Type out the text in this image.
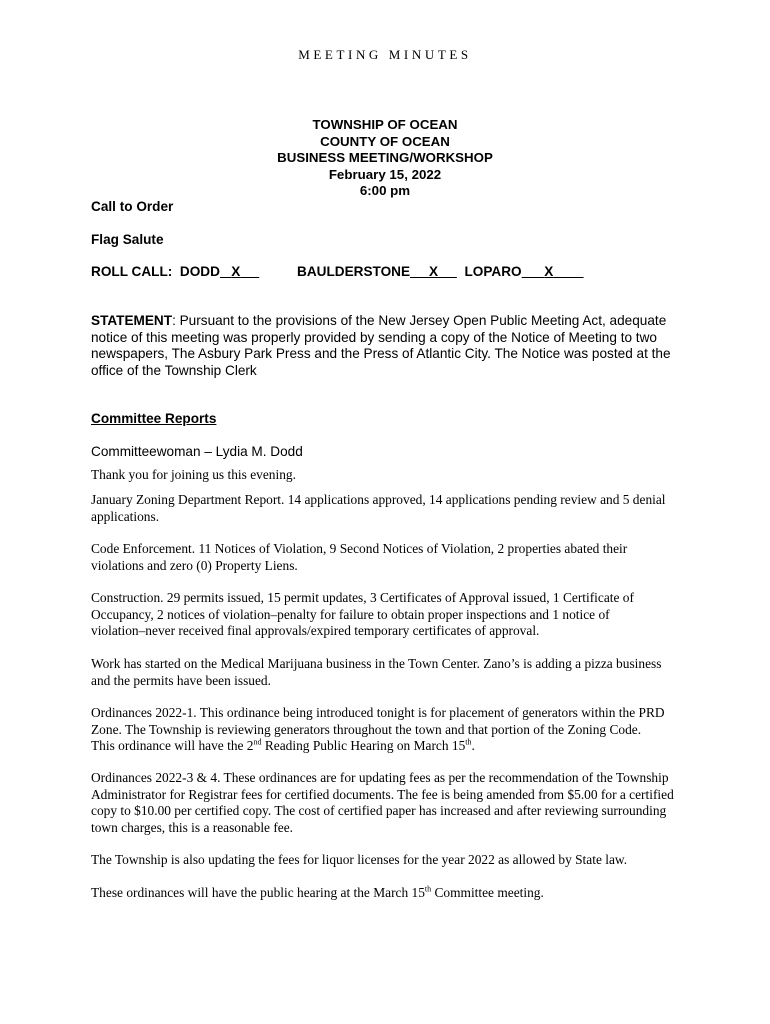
MEETING MINUTES
TOWNSHIP OF OCEAN
COUNTY OF OCEAN
BUSINESS MEETING/WORKSHOP
February 15, 2022
6:00 pm
Call to Order
Flag Salute
ROLL CALL: DODD X	BAULDERSTONE X LOPARO X
STATEMENT: Pursuant to the provisions of the New Jersey Open Public Meeting Act, adequate notice of this meeting was properly provided by sending a copy of the Notice of Meeting to two newspapers, The Asbury Park Press and the Press of Atlantic City. The Notice was posted at the office of the Township Clerk
Committee Reports
Committeewoman – Lydia M. Dodd
Thank you for joining us this evening.
January Zoning Department Report. 14 applications approved, 14 applications pending review and 5 denial applications.
Code Enforcement. 11 Notices of Violation, 9 Second Notices of Violation, 2 properties abated their violations and zero (0) Property Liens.
Construction. 29 permits issued, 15 permit updates, 3 Certificates of Approval issued, 1 Certificate of Occupancy, 2 notices of violation–penalty for failure to obtain proper inspections and 1 notice of violation–never received final approvals/expired temporary certificates of approval.
Work has started on the Medical Marijuana business in the Town Center. Zano’s is adding a pizza business and the permits have been issued.
Ordinances 2022-1. This ordinance being introduced tonight is for placement of generators within the PRD Zone. The Township is reviewing generators throughout the town and that portion of the Zoning Code. This ordinance will have the 2nd Reading Public Hearing on March 15th.
Ordinances 2022-3 & 4. These ordinances are for updating fees as per the recommendation of the Township Administrator for Registrar fees for certified documents. The fee is being amended from $5.00 for a certified copy to $10.00 per certified copy. The cost of certified paper has increased and after reviewing surrounding town charges, this is a reasonable fee.
The Township is also updating the fees for liquor licenses for the year 2022 as allowed by State law.
These ordinances will have the public hearing at the March 15th Committee meeting.
